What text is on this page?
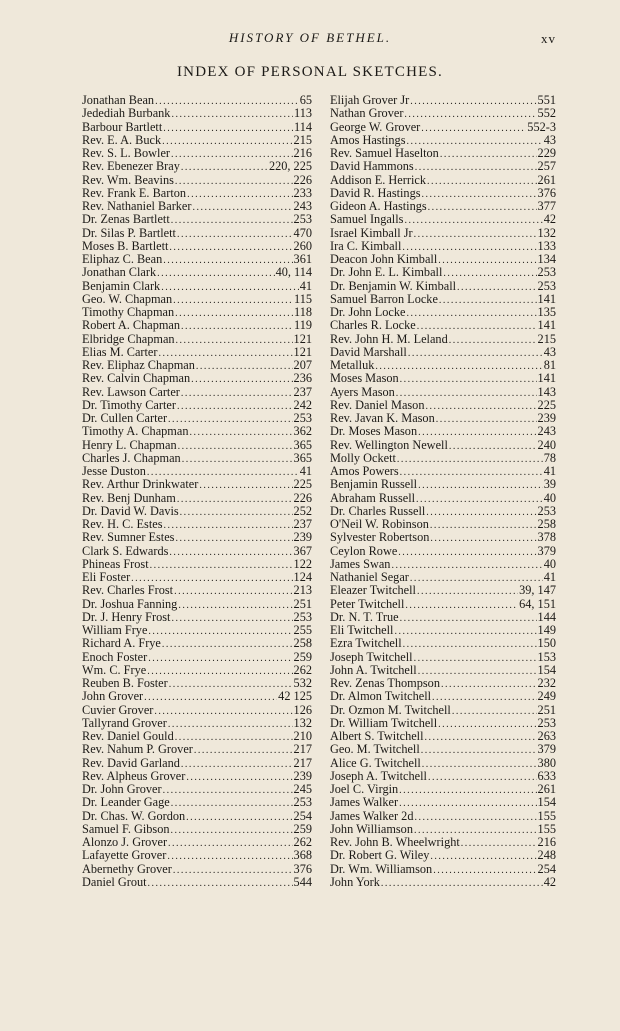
HISTORY OF BETHEL.	xv
INDEX OF PERSONAL SKETCHES.
Jonathan Bean .....	65
Jedediah Burbank .....	113
Barbour Bartlett .....	114
Rev. E. A. Buck .....	215
Rev. S. L. Bowler .....	216
Rev. Ebenezer Bray .....	220, 225
Rev. Wm. Beavins .....	226
Rev. Frank E. Barton .....	233
Rev. Nathaniel Barker .....	243
Dr. Zenas Bartlett .....	253
Dr. Silas P. Bartlett .....	470
Moses B. Bartlett .....	260
Eliphaz C. Bean .....	361
Jonathan Clark .....	40, 114
Benjamin Clark .....	41
Geo. W. Chapman .....	115
Timothy Chapman .....	118
Robert A. Chapman .....	119
Elbridge Chapman .....	121
Elias M. Carter .....	121
Rev. Eliphaz Chapman .....	207
Rev. Calvin Chapman .....	236
Rev. Lawson Carter .....	237
Dr. Timothy Carter .....	242
Dr. Cullen Carter .....	253
Timothy A. Chapman .....	362
Henry L. Chapman .....	365
Charles J. Chapman .....	365
Jesse Duston .....	41
Rev. Arthur Drinkwater .....	225
Rev. Benj Dunham .....	226
Dr. David W. Davis .....	252
Rev. H. C. Estes .....	237
Rev. Sumner Estes .....	239
Clark S. Edwards .....	367
Phineas Frost .....	122
Eli Foster .....	124
Rev. Charles Frost .....	213
Dr. Joshua Fanning .....	251
Dr. J. Henry Frost .....	253
William Frye .....	255
Richard A. Frye .....	258
Enoch Foster .....	259
Wm. C. Frye .....	262
Reuben B. Foster .....	532
John Grover .....	42 125
Cuvier Grover .....	126
Tallyrand Grover .....	132
Rev. Daniel Gould .....	210
Rev. Nahum P. Grover .....	217
Rev. David Garland .....	217
Rev. Alpheus Grover .....	239
Dr. John Grover .....	245
Dr. Leander Gage .....	253
Dr. Chas. W. Gordon .....	254
Samuel F. Gibson .....	259
Alonzo J. Grover .....	262
Lafayette Grover .....	368
Abernethy Grover .....	376
Daniel Grout .....	544
Elijah Grover Jr .....	551
Nathan Grover .....	552
George W. Grover .....	552-3
Amos Hastings .....	43
Rev. Samuel Haselton .....	229
David Hammons .....	257
Addison E. Herrick .....	261
David R. Hastings .....	376
Gideon A. Hastings .....	377
Samuel Ingalls .....	42
Israel Kimball Jr .....	132
Ira C. Kimball .....	133
Deacon John Kimball .....	134
Dr. John E. L. Kimball .....	253
Dr. Benjamin W. Kimball .....	253
Samuel Barron Locke .....	141
Dr. John Locke .....	135
Charles R. Locke .....	141
Rev. John H. M. Leland .....	215
David Marshall .....	43
Metalluk .....	81
Moses Mason .....	141
Ayers Mason .....	143
Rev. Daniel Mason .....	225
Rev. Javan K. Mason .....	239
Dr. Moses Mason .....	243
Rev. Wellington Newell .....	240
Molly Ockett .....	78
Amos Powers .....	41
Benjamin Russell .....	39
Abraham Russell .....	40
Dr. Charles Russell .....	253
O'Neil W. Robinson .....	258
Sylvester Robertson .....	378
Ceylon Rowe .....	379
James Swan .....	40
Nathaniel Segar .....	41
Eleazer Twitchell .....	39, 147
Peter Twitchell .....	64, 151
Dr. N. T. True .....	144
Eli Twitchell .....	149
Ezra Twitchell .....	150
Joseph Twitchell .....	153
John A. Twitchell .....	154
Rev. Zenas Thompson .....	232
Dr. Almon Twitchell .....	249
Dr. Ozmon M. Twitchell .....	251
Dr. William Twitchell .....	253
Albert S. Twitchell .....	263
Geo. M. Twitchell .....	379
Alice G. Twitchell .....	380
Joseph A. Twitchell .....	633
Joel C. Virgin .....	261
James Walker .....	154
James Walker 2d .....	155
John Williamson .....	155
Rev. John B. Wheelwright .....	216
Dr. Robert G. Wiley .....	248
Dr. Wm. Williamson .....	254
John York .....	42
